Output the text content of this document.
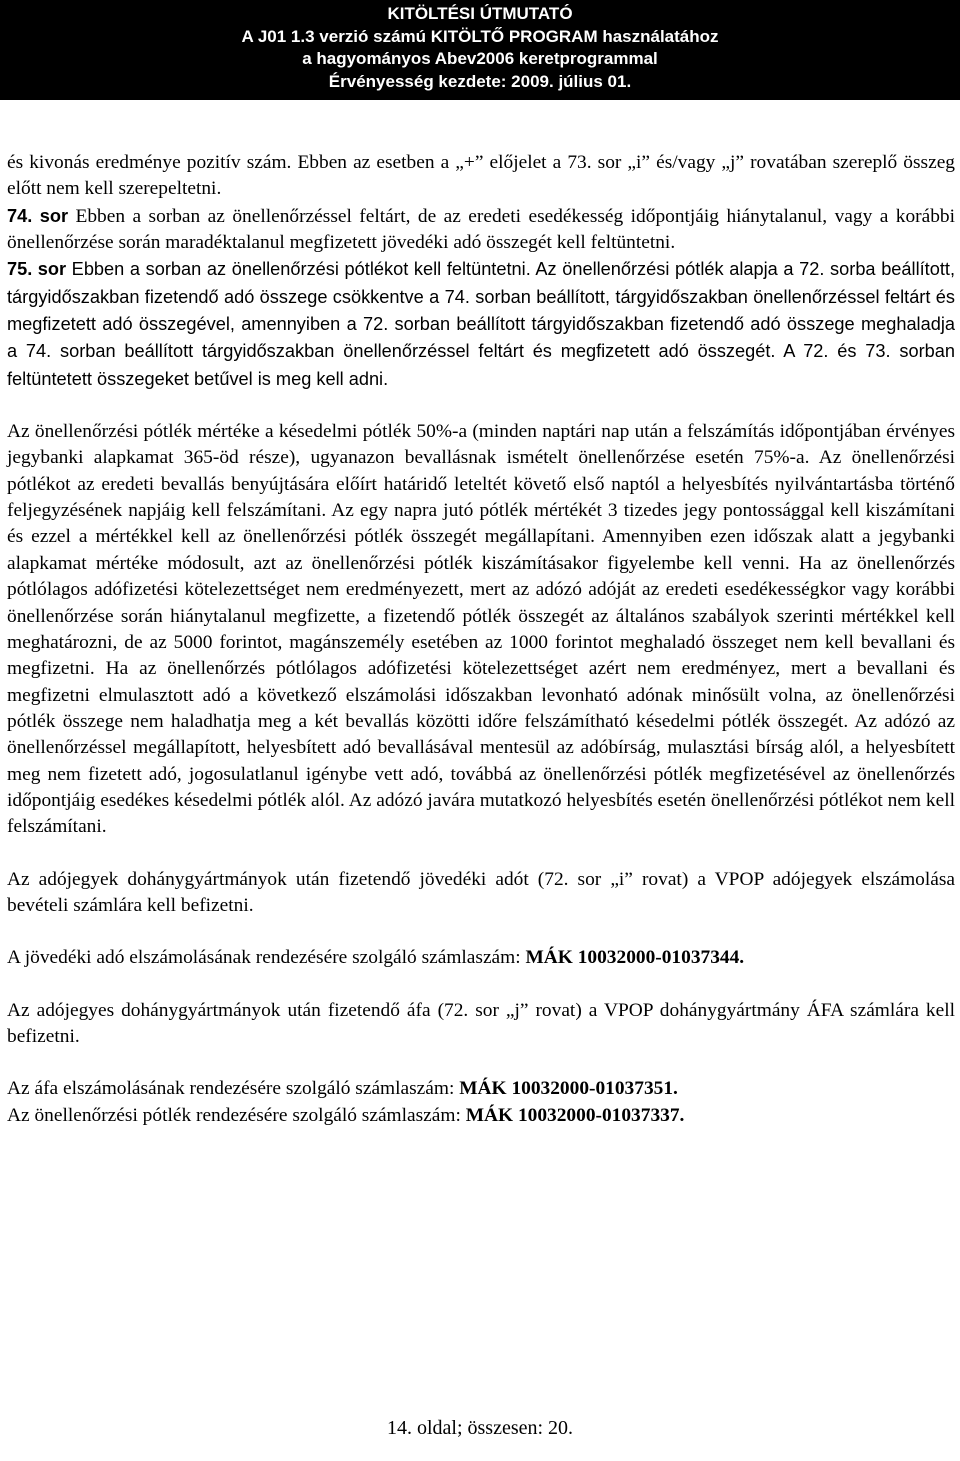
KITÖLTÉSI ÚTMUTATÓ
A J01 1.3 verzió számú KITÖLTŐ PROGRAM használatához
a hagyományos Abev2006 keretprogrammal
Érvényesség kezdete: 2009. július 01.

és kivonás eredménye pozitív szám. Ebben az esetben a „+” előjelet a 73. sor „i” és/vagy „j” rovatában szereplő összeg előtt nem kell szerepeltetni.

74. sor Ebben a sorban az önellenőrzéssel feltárt, de az eredeti esedékesség időpontjáig hiánytalanul, vagy a korábbi önellenőrzése során maradéktalanul megfizetett jövedéki adó összegét kell feltüntetni.

75. sor Ebben a sorban az önellenőrzési pótlékot kell feltüntetni. Az önellenőrzési pótlék alapja a 72. sorba beállított, tárgyidőszakban fizetendő adó összege csökkentve a 74. sorban beállított, tárgyidőszakban önellenőrzéssel feltárt és megfizetett adó összegével, amennyiben a 72. sorban beállított tárgyidőszakban fizetendő adó összege meghaladja a 74. sorban beállított tárgyidőszakban önellenőrzéssel feltárt és megfizetett adó összegét. A 72. és 73. sorban feltüntetett összegeket betűvel is meg kell adni.

Az önellenőrzési pótlék mértéke a késedelmi pótlék 50%-a (minden naptári nap után a felszámítás időpontjában érvényes jegybanki alapkamat 365-öd része), ugyanazon bevallásnak ismételt önellenőrzése esetén 75%-a. Az önellenőrzési pótlékot az eredeti bevallás benyújtására előírt határidő leteltét követő első naptól a helyesbítés nyilvántartásba történő feljegyzésének napjáig kell felszámítani. Az egy napra jutó pótlék mértékét 3 tizedes jegy pontossággal kell kiszámítani és ezzel a mértékkel kell az önellenőrzési pótlék összegét megállapítani. Amennyiben ezen időszak alatt a jegybanki alapkamat mértéke módosult, azt az önellenőrzési pótlék kiszámításakor figyelembe kell venni. Ha az önellenőrzés pótlólagos adófizetési kötelezettséget nem eredményezett, mert az adózó adóját az eredeti esedékességkor vagy korábbi önellenőrzése során hiánytalanul megfizette, a fizetendő pótlék összegét az általános szabályok szerinti mértékkel kell meghatározni, de az 5000 forintot, magánszemély esetében az 1000 forintot meghaladó összeget nem kell bevallani és megfizetni. Ha az önellenőrzés pótlólagos adófizetési kötelezettséget azért nem eredményez, mert a bevallani és megfizetni elmulasztott adó a következő elszámolási időszakban levonható adónak minősült volna, az önellenőrzési pótlék összege nem haladhatja meg a két bevallás közötti időre felszámítható késedelmi pótlék összegét. Az adózó az önellenőrzéssel megállapított, helyesbített adó bevallásával mentesül az adóbírság, mulasztási bírság alól, a helyesbített meg nem fizetett adó, jogosulatlanul igénybe vett adó, továbbá az önellenőrzési pótlék megfizetésével az önellenőrzés időpontjáig esedékes késedelmi pótlék alól. Az adózó javára mutatkozó helyesbítés esetén önellenőrzési pótlékot nem kell felszámítani.

Az adójegyek dohánygyártmányok után fizetendő jövedéki adót (72. sor „i” rovat) a VPOP adójegyek elszámolása bevételi számlára kell befizetni.

A jövedéki adó elszámolásának rendezésére szolgáló számlaszám: MÁK 10032000-01037344.

Az adójegyes dohánygyártmányok után fizetendő áfa (72. sor „j” rovat) a VPOP dohánygyártmány ÁFA számlára kell befizetni.

Az áfa elszámolásának rendezésére szolgáló számlaszám: MÁK 10032000-01037351.

Az önellenőrzési pótlék rendezésére szolgáló számlaszám: MÁK 10032000-01037337.

14. oldal; összesen: 20.
